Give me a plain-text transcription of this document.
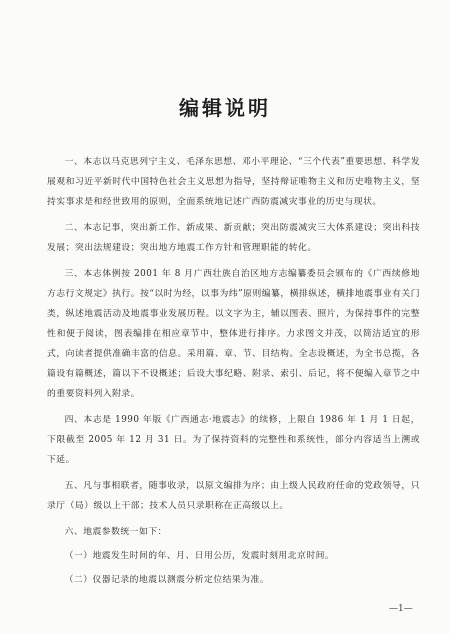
编辑说明

一、本志以马克思列宁主义、毛泽东思想、邓小平理论、“三个代表”重要思想、科学发展观和习近平新时代中国特色社会主义思想为指导，坚持辩证唯物主义和历史唯物主义，坚持实事求是和经世致用的原则，全面系统地记述广西防震减灾事业的历史与现状。

二、本志记事，突出新工作、新成果、新贡献；突出防震减灾三大体系建设；突出科技发展；突出法规建设；突出地方地震工作方针和管理职能的转化。

三、本志体例按 2001 年 8 月广西壮族自治区地方志编纂委员会颁布的《广西续修地方志行文规定》执行。按“以时为经，以事为纬”原则编纂，横排纵述，横排地震事业有关门类，纵述地震活动及地震事业发展历程。以文字为主，辅以图表、照片，为保持事件的完整性和便于阅读，图表编排在相应章节中，整体进行排序。力求图文并茂，以简洁适宜的形式，向读者提供准确丰富的信息。采用篇、章、节、目结构。全志设概述，为全书总揽，各篇设有篇概述，篇以下不设概述；后设大事纪略、附录、索引、后记，将不便编入章节之中的重要资料列入附录。

四、本志是 1990 年版《广西通志·地震志》的续修，上限自 1986 年 1 月 1 日起，下限截至 2005 年 12 月 31 日。为了保持资料的完整性和系统性，部分内容适当上溯或下延。

五、凡与事相联者，随事收录，以原文编排为序；由上级人民政府任命的党政领导，只录厅（局）级以上干部；技术人员只录职称在正高级以上。

六、地震参数统一如下：

（一）地震发生时间的年、月、日用公历，发震时刻用北京时间。

（二）仪器记录的地震以测震分析定位结果为准。

—1—
